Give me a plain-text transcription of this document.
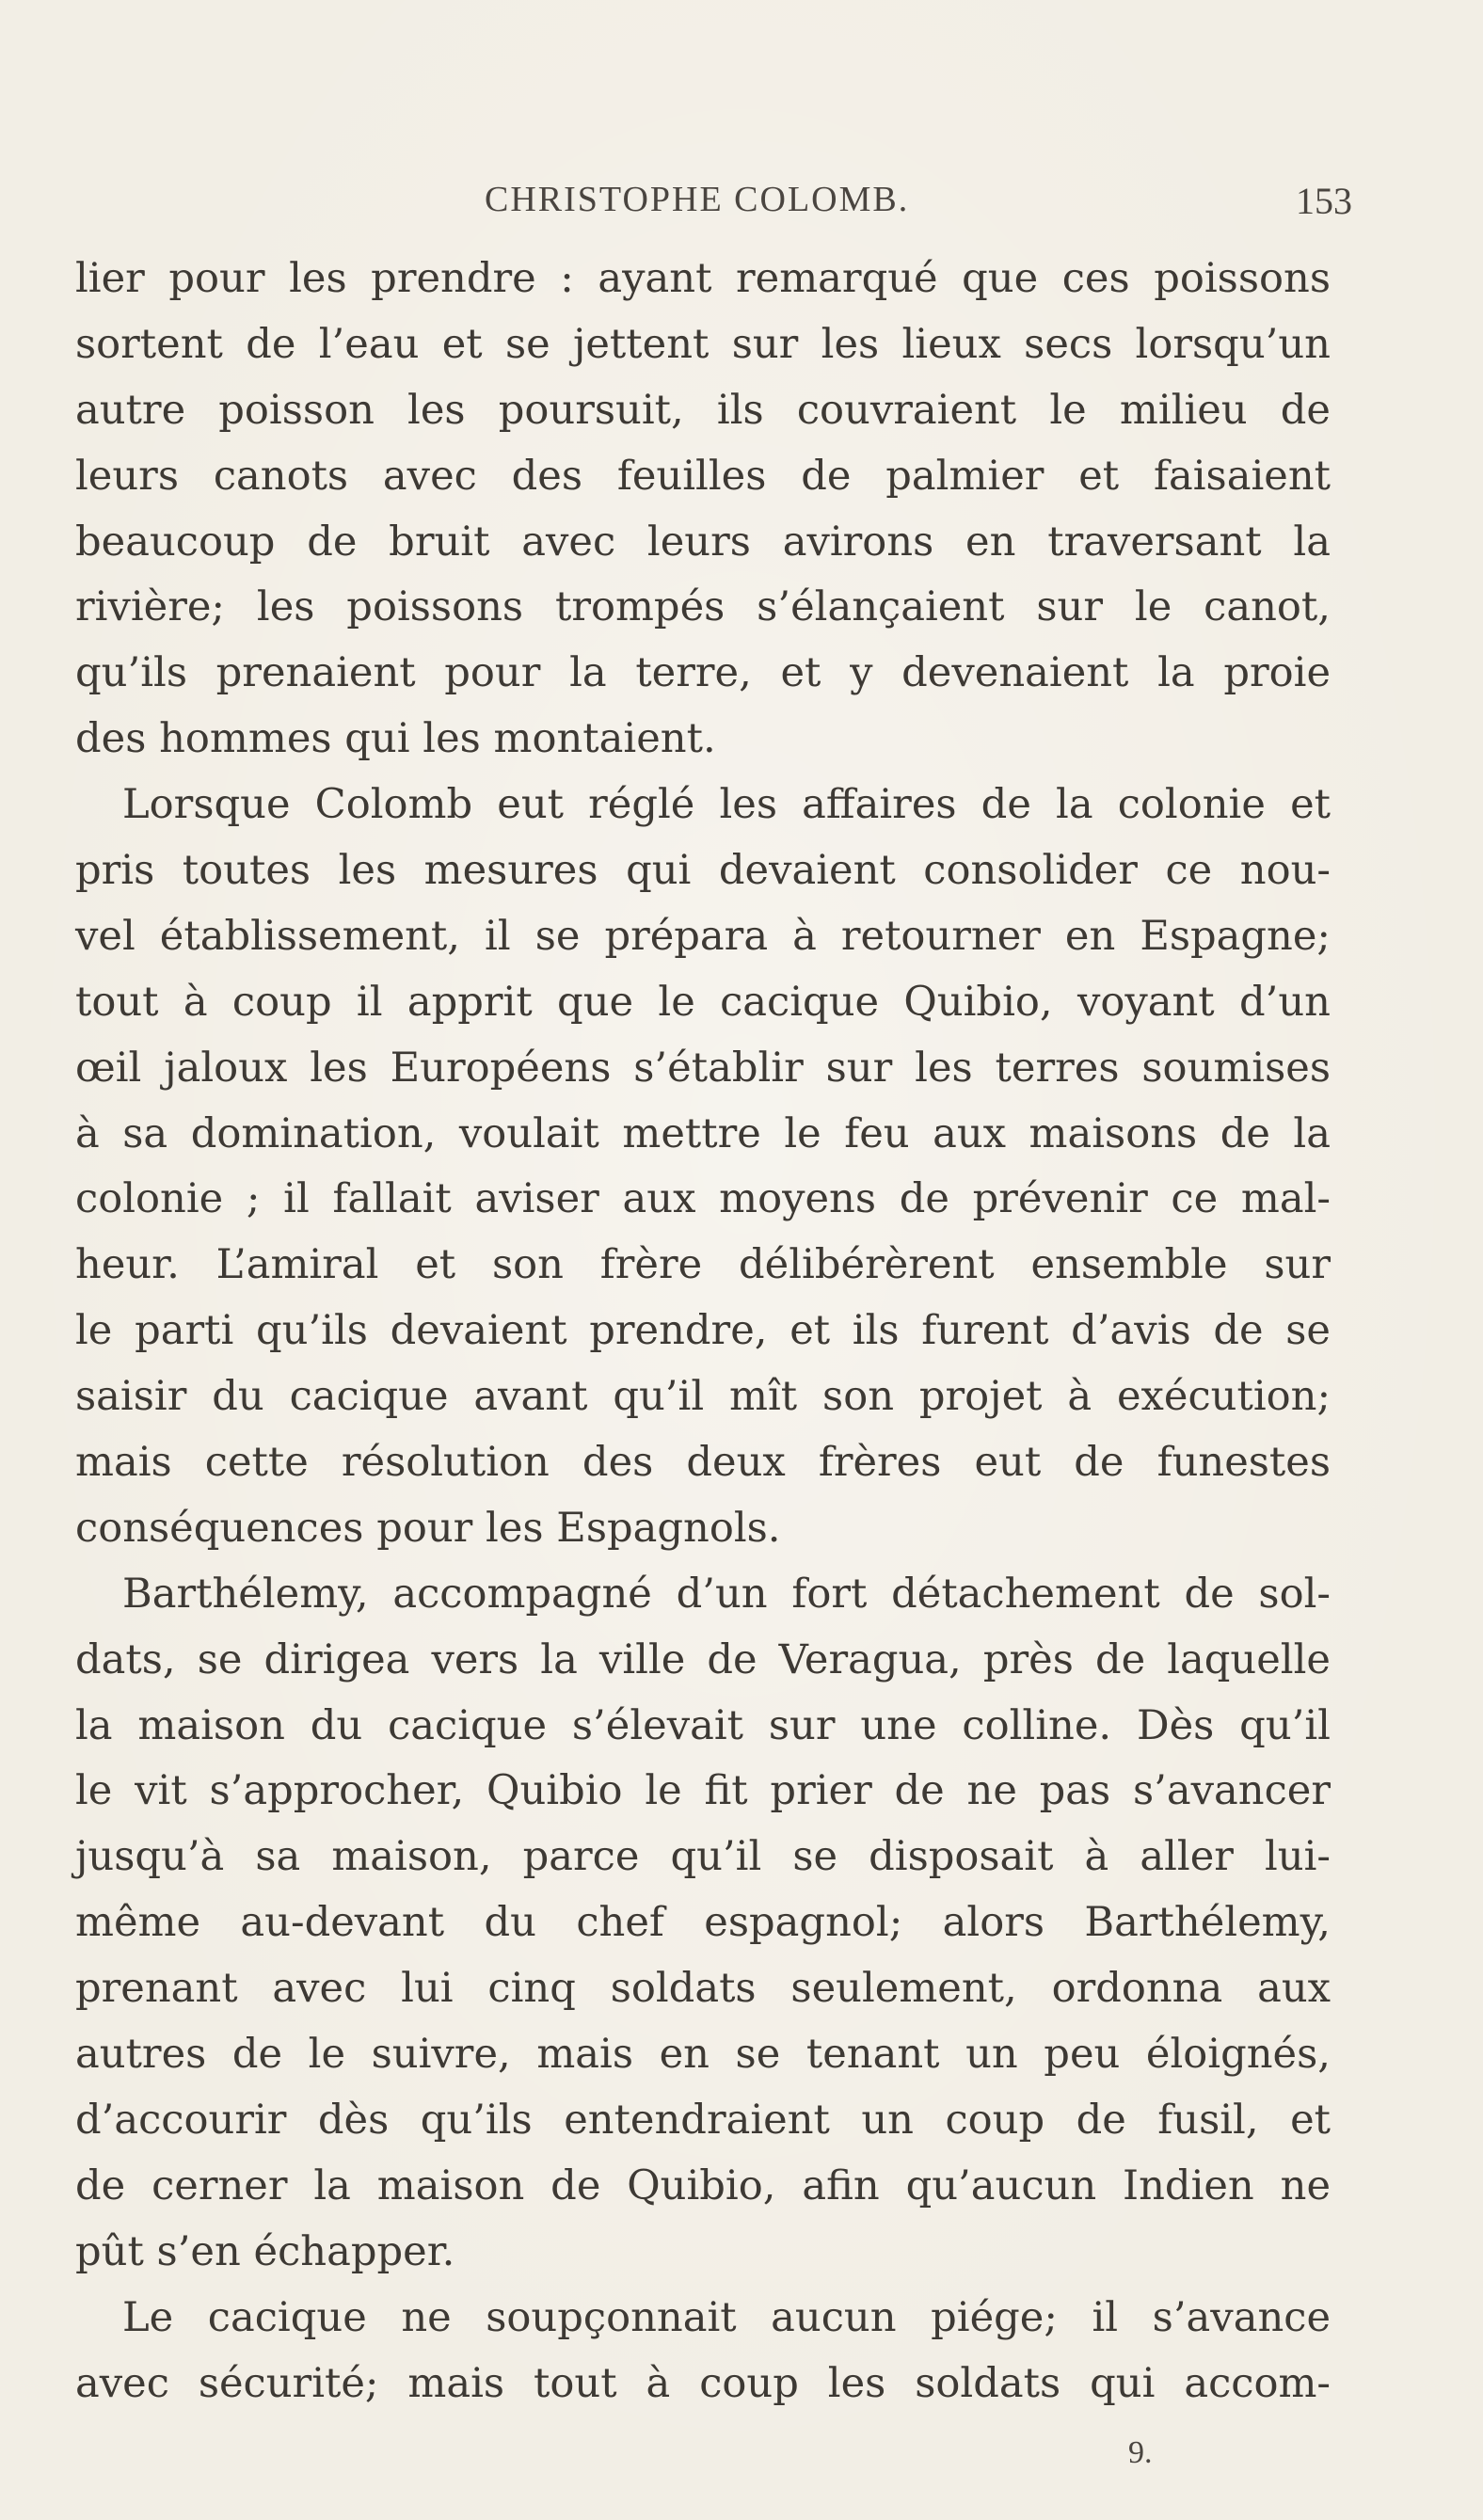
CHRISTOPHE COLOMB.	153
lier pour les prendre : ayant remarqué que ces poissons
sortent de l’eau et se jettent sur les lieux secs lorsqu’un
autre poisson les poursuit, ils couvraient le milieu de
leurs canots avec des feuilles de palmier et faisaient
beaucoup de bruit avec leurs avirons en traversant la
rivière; les poissons trompés s’élançaient sur le canot,
qu’ils prenaient pour la terre, et y devenaient la proie
des hommes qui les montaient.
Lorsque Colomb eut réglé les affaires de la colonie et
pris toutes les mesures qui devaient consolider ce nou-
vel établissement, il se prépara à retourner en Espagne;
tout à coup il apprit que le cacique Quibio, voyant d’un
œil jaloux les Européens s’établir sur les terres soumises
à sa domination, voulait mettre le feu aux maisons de la
colonie ; il fallait aviser aux moyens de prévenir ce mal-
heur. L’amiral et son frère délibérèrent ensemble sur
le parti qu’ils devaient prendre, et ils furent d’avis de se
saisir du cacique avant qu’il mît son projet à exécution;
mais cette résolution des deux frères eut de funestes
conséquences pour les Espagnols.
Barthélemy, accompagné d’un fort détachement de sol-
dats, se dirigea vers la ville de Veragua, près de laquelle
la maison du cacique s’élevait sur une colline. Dès qu’il
le vit s’approcher, Quibio le fit prier de ne pas s’avancer
jusqu’à sa maison, parce qu’il se disposait à aller lui-
même au-devant du chef espagnol; alors Barthélemy,
prenant avec lui cinq soldats seulement, ordonna aux
autres de le suivre, mais en se tenant un peu éloignés,
d’accourir dès qu’ils entendraient un coup de fusil, et
de cerner la maison de Quibio, afin qu’aucun Indien ne
pût s’en échapper.
Le cacique ne soupçonnait aucun piége; il s’avance
avec sécurité; mais tout à coup les soldats qui accom-
9.
